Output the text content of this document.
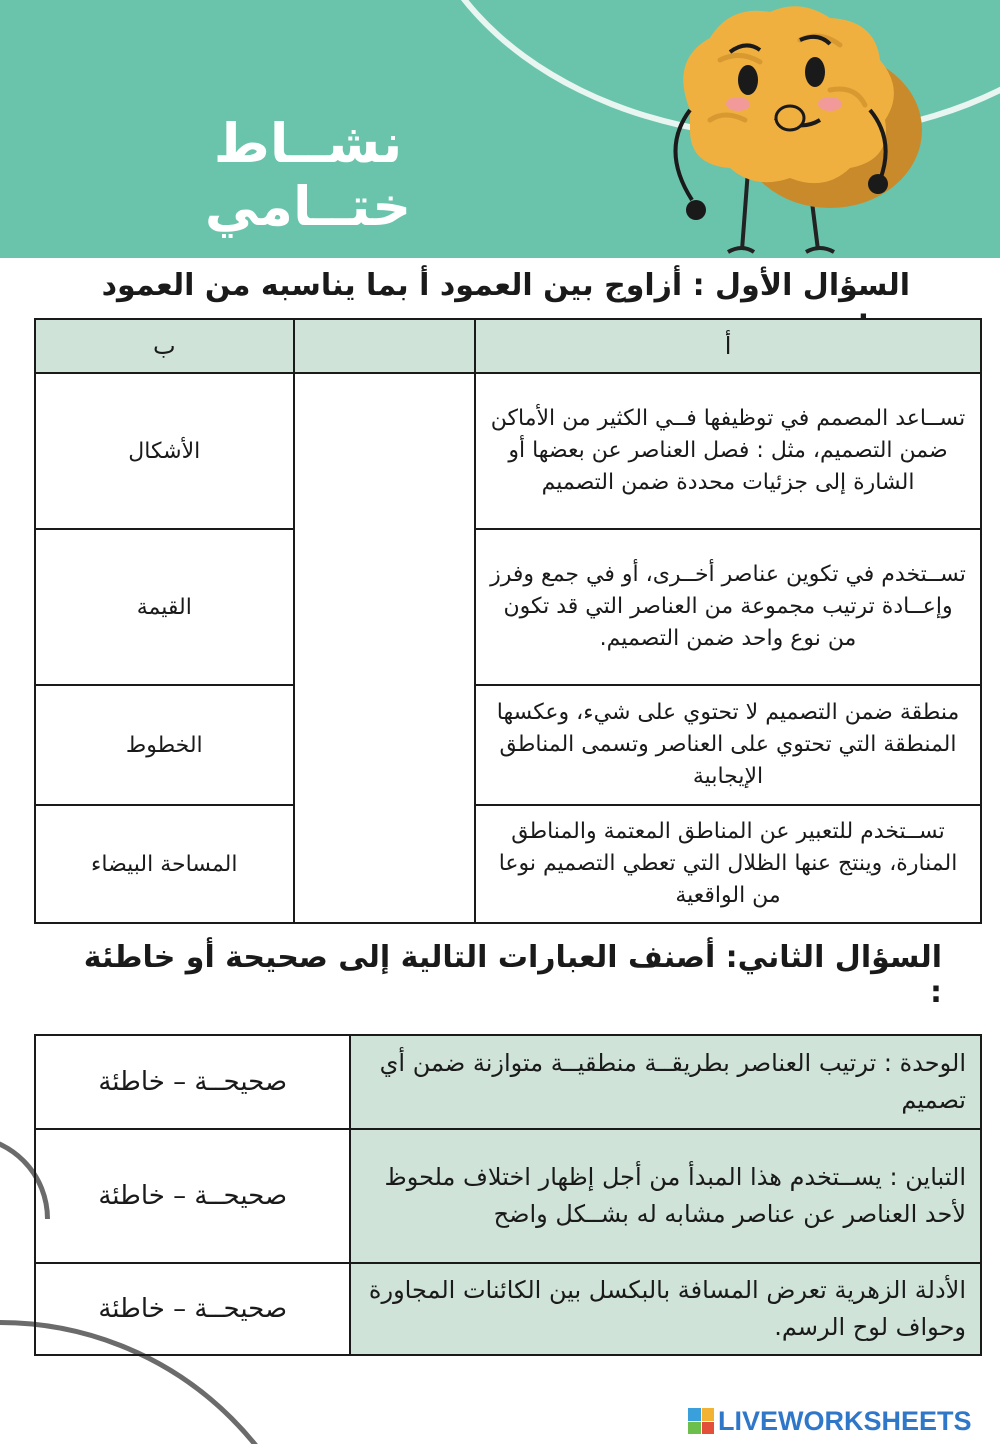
نشــاط ختــامي
السؤال الأول : أزاوج بين العمود أ بما يناسبه من العمود
أ		ب
تســاعد المصمم في توظيفها فــي الكثير من الأماكن ضمن التصميم، مثل : فصل العناصر عن بعضها أو الشارة إلى جزئيات محددة ضمن التصميم		الأشكال
تســتخدم في تكوين عناصر أخــرى، أو في جمع وفرز وإعــادة ترتيب مجموعة من العناصر التي قد تكون من نوع واحد ضمن التصميم.		القيمة
منطقة ضمن التصميم لا تحتوي على شيء، وعكسها المنطقة التي تحتوي على العناصر وتسمى المناطق الإيجابية		الخطوط
تســتخدم للتعبير عن المناطق المعتمة والمناطق المنارة، وينتج عنها الظلال التي تعطي التصميم نوعا من الواقعية		المساحة البيضاء
السؤال الثاني: أصنف العبارات التالية إلى صحيحة أو خاطئة :
الوحدة : ترتيب العناصر بطريقــة منطقيــة متوازنة ضمن أي تصميم	صحيحــة – خاطئة
التباين : يســتخدم هذا المبدأ من أجل إظهار اختلاف ملحوظ لأحد العناصر عن عناصر مشابه له بشــكل واضح	صحيحــة – خاطئة
الأدلة الزهرية تعرض المسافة بالبكسل بين الكائنات المجاورة وحواف لوح الرسم.	صحيحــة – خاطئة
LIVEWORKSHEETS
